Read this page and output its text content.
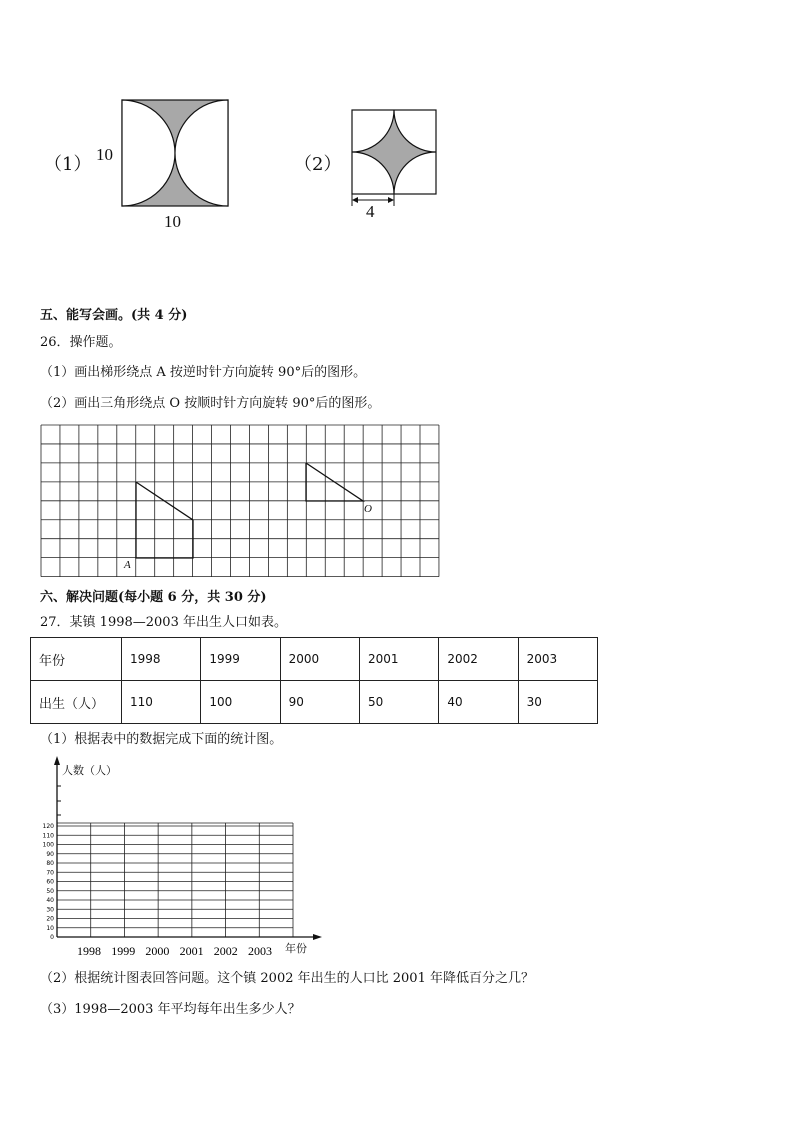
（1） 10
10
（2）
4
五、能写会画。(共 4 分)
26．操作题。
（1）画出梯形绕点 A 按逆时针方向旋转 90°后的图形。
（2）画出三角形绕点 O 按顺时针方向旋转 90°后的图形。
A
O
六、解决问题(每小题 6 分，共 30 分)
27．某镇 1998—2003 年出生人口如表。
年份	1998	1999	2000	2001	2002	2003
出生（人）	110	100	90	50	40	30
（1）根据表中的数据完成下面的统计图。
人数（人）
年份
120
110
100
90
80
70
60
50
40
30
20
10
0
1998 1999 2000 2001 2002 2003
（2）根据统计图表回答问题。这个镇 2002 年出生的人口比 2001 年降低百分之几？
（3）1998—2003 年平均每年出生多少人？
